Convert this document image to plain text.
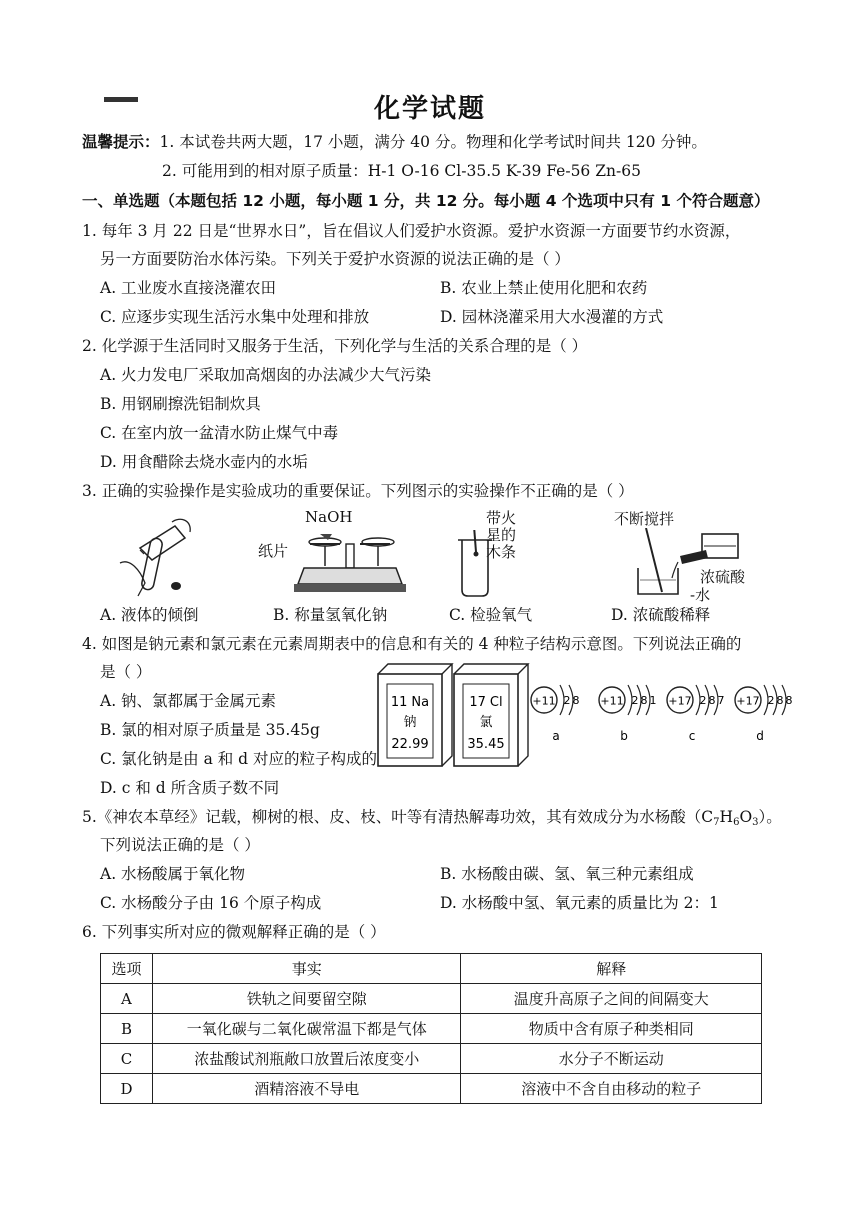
化学试题
温馨提示：1. 本试卷共两大题，17 小题，满分 40 分。物理和化学考试时间共 120 分钟。
2. 可能用到的相对原子质量：H-1 O-16 Cl-35.5 K-39 Fe-56 Zn-65
一、单选题（本题包括 12 小题，每小题 1 分，共 12 分。每小题 4 个选项中只有 1 个符合题意）
1. 每年 3 月 22 日是“世界水日”，旨在倡议人们爱护水资源。爱护水资源一方面要节约水资源，
另一方面要防治水体污染。下列关于爱护水资源的说法正确的是（ ）
A. 工业废水直接浇灌农田	B. 农业上禁止使用化肥和农药
C. 应逐步实现生活污水集中处理和排放	D. 园林浇灌采用大水漫灌的方式
2. 化学源于生活同时又服务于生活，下列化学与生活的关系合理的是（ ）
A. 火力发电厂采取加高烟囱的办法减少大气污染
B. 用钢刷擦洗铝制炊具
C. 在室内放一盆清水防止煤气中毒
D. 用食醋除去烧水壶内的水垢
3. 正确的实验操作是实验成功的重要保证。下列图示的实验操作不正确的是（ ）
NaOH
纸片
带火
星的
木条
不断搅拌
浓硫酸
-水
A. 液体的倾倒	B. 称量氢氧化钠	C. 检验氧气	D. 浓硫酸稀释
4. 如图是钠元素和氯元素在元素周期表中的信息和有关的 4 种粒子结构示意图。下列说法正确的
是（ ）
A. 钠、氯都属于金属元素
B. 氯的相对原子质量是 35.45g
C. 氯化钠是由 a 和 d 对应的粒子构成的
D. c 和 d 所含质子数不同
11 Na
钠
22.99
17 Cl
氯
35.45
+11 2 8
a
+11 2 8 1
b
+17 2 8 7
c
+17 2 8 8
d
5.《神农本草经》记载，柳树的根、皮、枝、叶等有清热解毒功效，其有效成分为水杨酸$(C_7H_6O_3)$。
下列说法正确的是（ ）
A. 水杨酸属于氧化物	B. 水杨酸由碳、氢、氧三种元素组成
C. 水杨酸分子由 16 个原子构成	D. 水杨酸中氢、氧元素的质量比为 2：1
6. 下列事实所对应的微观解释正确的是（ ）
选项	事实	解释
A	铁轨之间要留空隙	温度升高原子之间的间隔变大
B	一氧化碳与二氧化碳常温下都是气体	物质中含有原子种类相同
C	浓盐酸试剂瓶敞口放置后浓度变小	水分子不断运动
D	酒精溶液不导电	溶液中不含自由移动的粒子
